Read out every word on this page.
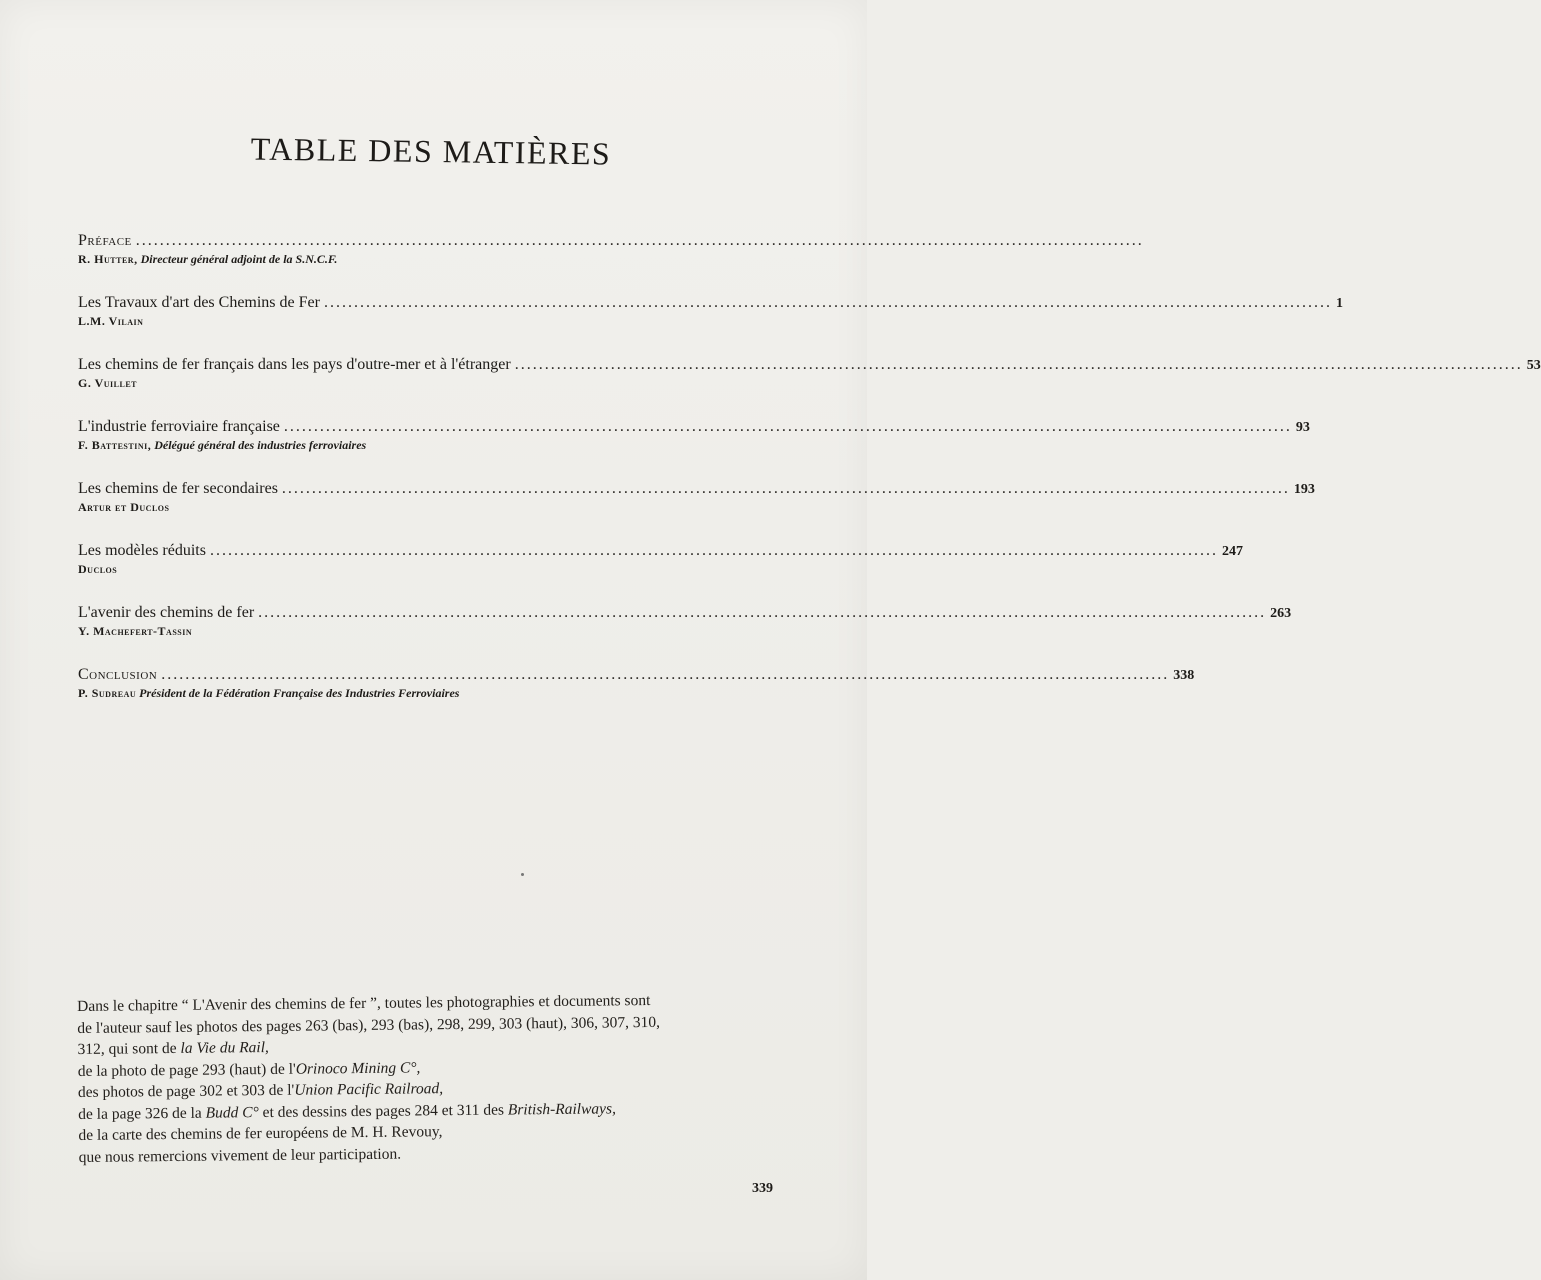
TABLE DES MATIÈRES
Préface ........................................................................................................................................................................
R. Hutter, Directeur général adjoint de la S.N.C.F.
Les Travaux d'art des Chemins de Fer ........................................................................................................................................................................ 1
L.M. Vilain
Les chemins de fer français dans les pays d'outre-mer et à l'étranger ........................................................................................................................................................................ 53
G. Vuillet
L'industrie ferroviaire française ........................................................................................................................................................................ 93
F. Battestini, Délégué général des industries ferroviaires
Les chemins de fer secondaires ........................................................................................................................................................................ 193
Artur et Duclos
Les modèles réduits ........................................................................................................................................................................ 247
Duclos
L'avenir des chemins de fer ........................................................................................................................................................................ 263
Y. Machefert-Tassin
Conclusion ........................................................................................................................................................................ 338
P. Sudreau Président de la Fédération Française des Industries Ferroviaires
Dans le chapitre “ L'Avenir des chemins de fer ”, toutes les photographies et documents sont
de l'auteur sauf les photos des pages 263 (bas), 293 (bas), 298, 299, 303 (haut), 306, 307, 310,
312, qui sont de la Vie du Rail,
de la photo de page 293 (haut) de l'Orinoco Mining C°,
des photos de page 302 et 303 de l'Union Pacific Railroad,
de la page 326 de la Budd C° et des dessins des pages 284 et 311 des British-Railways,
de la carte des chemins de fer européens de M. H. Revouy,
que nous remercions vivement de leur participation.
339
